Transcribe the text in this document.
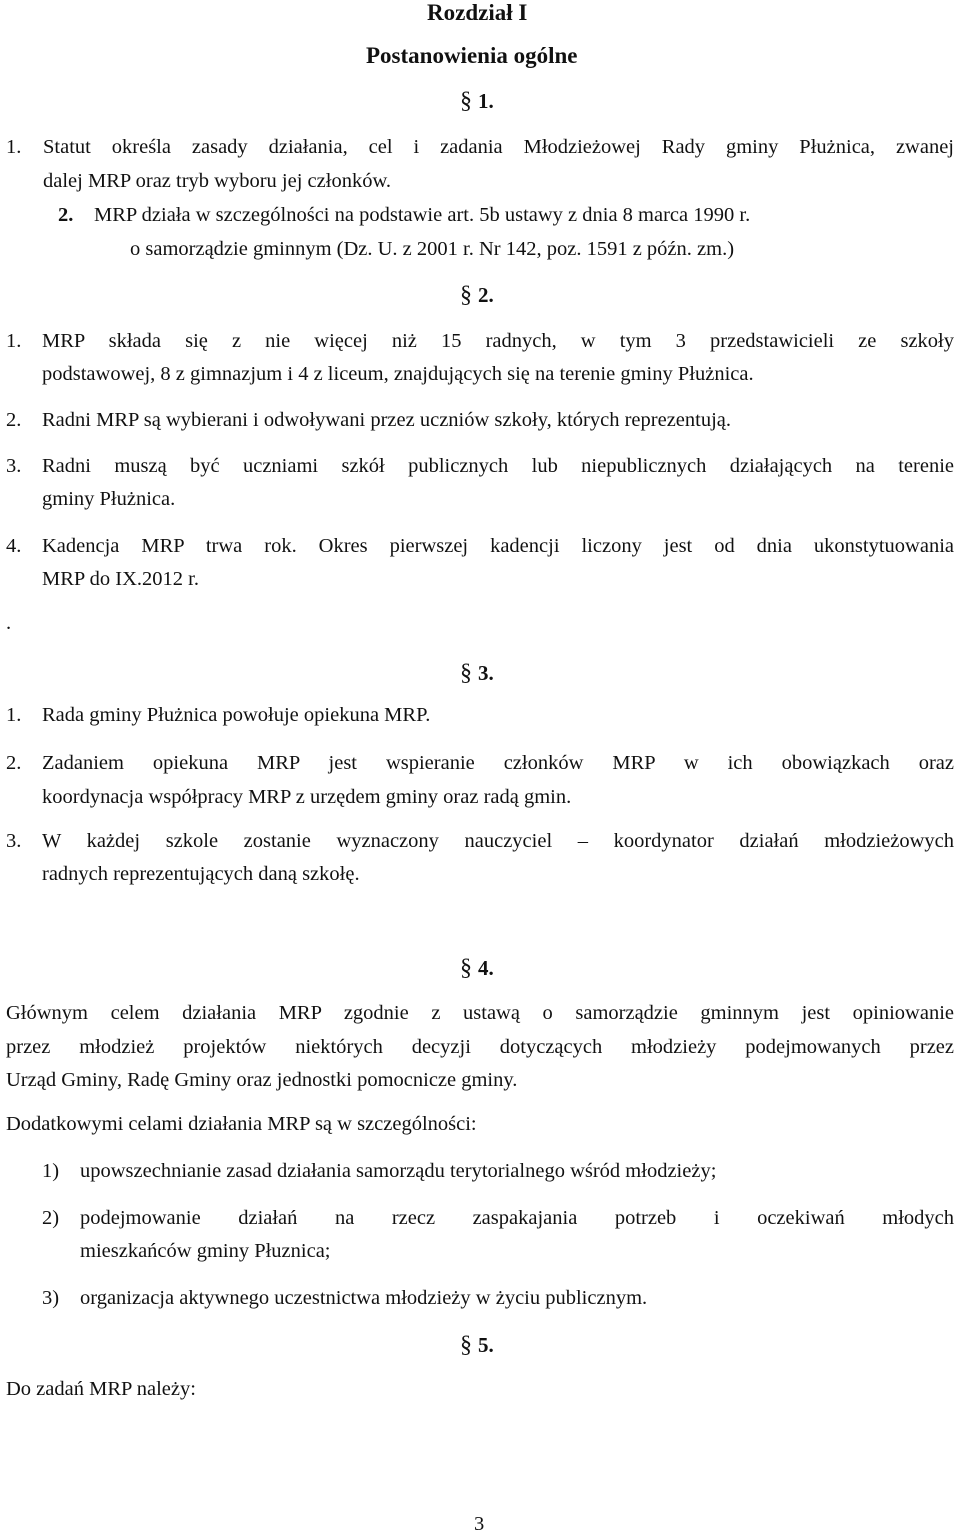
Rozdział I
Postanowienia ogólne
§ 1.
1. Statut określa zasady działania, cel i zadania Młodzieżowej Rady gminy Płużnica, zwanej
dalej MRP oraz tryb wyboru jej członków.
2. MRP działa w szczególności na podstawie art. 5b ustawy z dnia 8 marca 1990 r.
o samorządzie gminnym (Dz. U. z 2001 r. Nr 142, poz. 1591 z późn. zm.)
§ 2.
1. MRP składa się z nie więcej niż 15 radnych, w tym 3 przedstawicieli ze szkoły
podstawowej, 8 z gimnazjum i 4 z liceum, znajdujących się na terenie gminy Płużnica.
2. Radni MRP są wybierani i odwoływani przez uczniów szkoły, których reprezentują.
3. Radni muszą być uczniami szkół publicznych lub niepublicznych działających na terenie
gminy Płużnica.
4. Kadencja MRP trwa rok. Okres pierwszej kadencji liczony jest od dnia ukonstytuowania
MRP do IX.2012 r.
.
§ 3.
1. Rada gminy Płużnica powołuje opiekuna MRP.
2. Zadaniem opiekuna MRP jest wspieranie członków MRP w ich obowiązkach oraz
koordynacja współpracy MRP z urzędem gminy oraz radą gmin.
3. W każdej szkole zostanie wyznaczony nauczyciel – koordynator działań młodzieżowych
radnych reprezentujących daną szkołę.
§ 4.
Głównym celem działania MRP zgodnie z ustawą o samorządzie gminnym jest opiniowanie
przez młodzież projektów niektórych decyzji dotyczących młodzieży podejmowanych przez
Urząd Gminy, Radę Gminy oraz jednostki pomocnicze gminy.
Dodatkowymi celami działania MRP są w szczególności:
1) upowszechnianie zasad działania samorządu terytorialnego wśród młodzieży;
2) podejmowanie działań na rzecz zaspakajania potrzeb i oczekiwań młodych
mieszkańców gminy Płuznica;
3) organizacja aktywnego uczestnictwa młodzieży w życiu publicznym.
§ 5.
Do zadań MRP należy:
3
